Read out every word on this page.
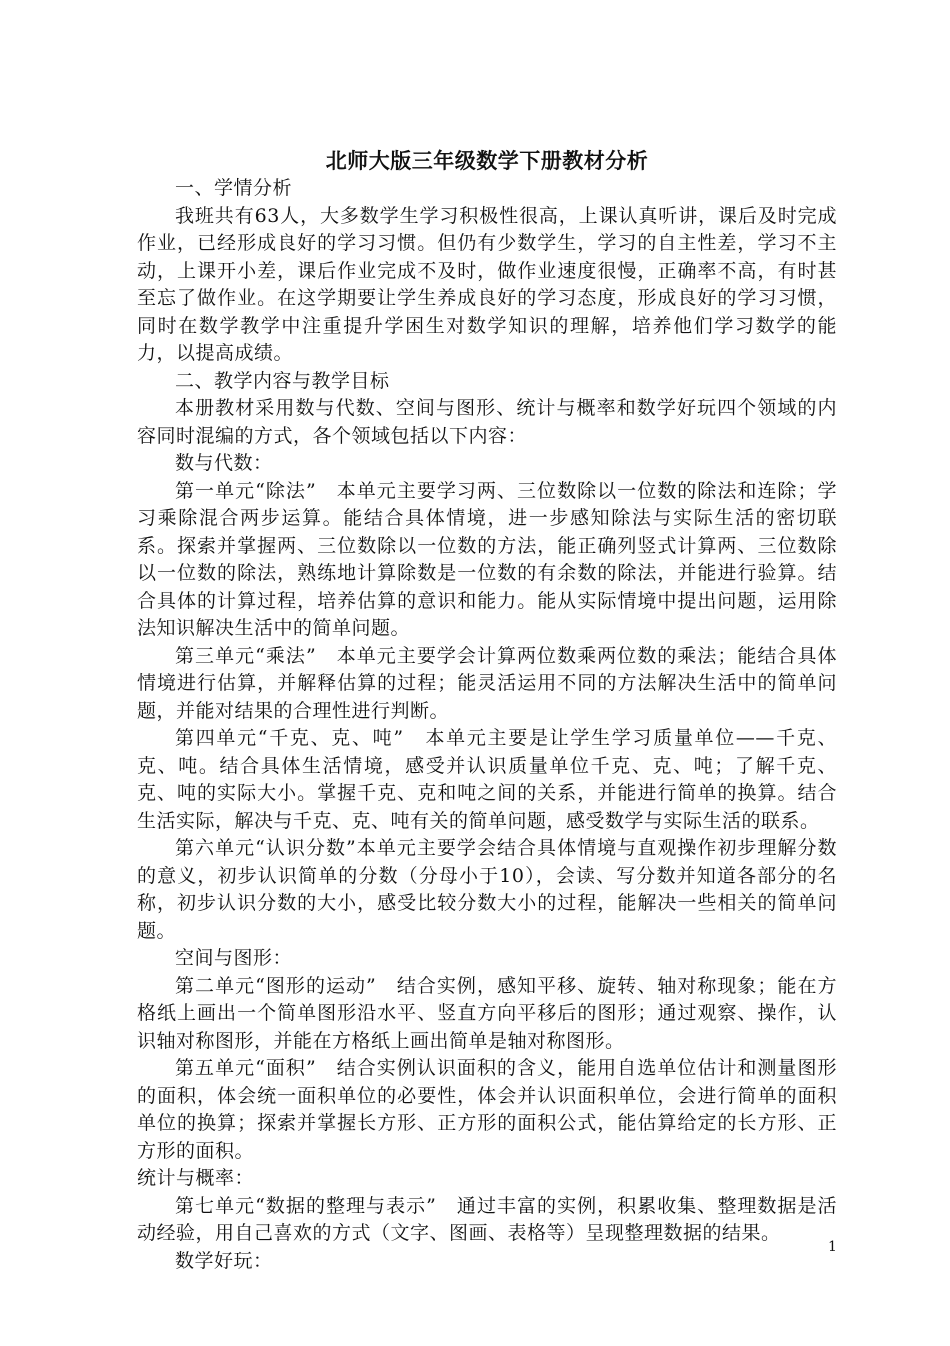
北师大版三年级数学下册教材分析

一、学情分析

我班共有63人，大多数学生学习积极性很高，上课认真听讲，课后及时完成作业，已经形成良好的学习习惯。但仍有少数学生，学习的自主性差，学习不主动，上课开小差，课后作业完成不及时，做作业速度很慢，正确率不高，有时甚至忘了做作业。在这学期要让学生养成良好的学习态度，形成良好的学习习惯，同时在数学教学中注重提升学困生对数学知识的理解，培养他们学习数学的能力，以提高成绩。

二、教学内容与教学目标

本册教材采用数与代数、空间与图形、统计与概率和数学好玩四个领域的内容同时混编的方式，各个领域包括以下内容：

数与代数：

第一单元“除法”　本单元主要学习两、三位数除以一位数的除法和连除；学习乘除混合两步运算。能结合具体情境，进一步感知除法与实际生活的密切联系。探索并掌握两、三位数除以一位数的方法，能正确列竖式计算两、三位数除以一位数的除法，熟练地计算除数是一位数的有余数的除法，并能进行验算。结合具体的计算过程，培养估算的意识和能力。能从实际情境中提出问题，运用除法知识解决生活中的简单问题。

第三单元“乘法”　本单元主要学会计算两位数乘两位数的乘法；能结合具体情境进行估算，并解释估算的过程；能灵活运用不同的方法解决生活中的简单问题，并能对结果的合理性进行判断。

第四单元“千克、克、吨”　本单元主要是让学生学习质量单位——千克、克、吨。结合具体生活情境，感受并认识质量单位千克、克、吨；了解千克、克、吨的实际大小。掌握千克、克和吨之间的关系，并能进行简单的换算。结合生活实际，解决与千克、克、吨有关的简单问题，感受数学与实际生活的联系。

第六单元“认识分数”本单元主要学会结合具体情境与直观操作初步理解分数的意义，初步认识简单的分数（分母小于10），会读、写分数并知道各部分的名称，初步认识分数的大小，感受比较分数大小的过程，能解决一些相关的简单问题。

空间与图形：

第二单元“图形的运动”　结合实例，感知平移、旋转、轴对称现象；能在方格纸上画出一个简单图形沿水平、竖直方向平移后的图形；通过观察、操作，认识轴对称图形，并能在方格纸上画出简单是轴对称图形。

第五单元“面积”　结合实例认识面积的含义，能用自选单位估计和测量图形的面积，体会统一面积单位的必要性，体会并认识面积单位，会进行简单的面积单位的换算；探索并掌握长方形、正方形的面积公式，能估算给定的长方形、正方形的面积。

统计与概率：

第七单元“数据的整理与表示”　通过丰富的实例，积累收集、整理数据是活动经验，用自己喜欢的方式（文字、图画、表格等）呈现整理数据的结果。

数学好玩：

1
